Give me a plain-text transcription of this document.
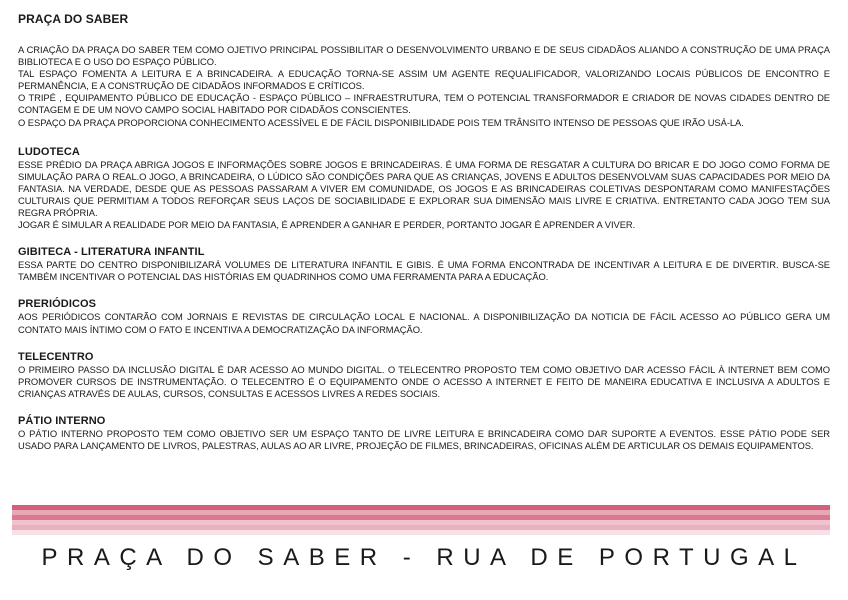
PRAÇA DO SABER

A CRIAÇÃO DA PRAÇA DO SABER TEM COMO OJETIVO PRINCIPAL POSSIBILITAR O DESENVOLVIMENTO URBANO E DE SEUS CIDADÃOS ALIANDO A CONSTRUÇÃO DE UMA PRAÇA BIBLIOTECA E O USO DO ESPAÇO PÚBLICO.

TAL ESPAÇO FOMENTA A LEITURA E A BRINCADEIRA. A EDUCAÇÃO TORNA-SE ASSIM UM AGENTE REQUALIFICADOR, VALORIZANDO LOCAIS PÚBLICOS DE ENCONTRO E PERMANÊNCIA, E A CONSTRUÇÃO DE CIDADÃOS INFORMADOS E CRÍTICOS.

O TRIPÉ , EQUIPAMENTO PÚBLICO DE EDUCAÇÃO - ESPAÇO PÚBLICO – INFRAESTRUTURA, TEM O POTENCIAL TRANSFORMADOR E CRIADOR DE NOVAS CIDADES DENTRO DE CONTAGEM E DE UM NOVO CAMPO SOCIAL HABITADO POR CIDADÃOS CONSCIENTES.

O ESPAÇO DA PRAÇA PROPORCIONA CONHECIMENTO ACESSÍVEL E DE FÁCIL DISPONIBILIDADE POIS TEM TRÂNSITO INTENSO DE PESSOAS QUE IRÃO USÁ-LA.

LUDOTECA

ESSE PRÉDIO DA PRAÇA ABRIGA JOGOS E INFORMAÇÕES SOBRE JOGOS E BRINCADEIRAS. É UMA FORMA DE RESGATAR A CULTURA DO BRICAR E DO JOGO COMO FORMA DE SIMULAÇÃO PARA O REAL.O JOGO, A BRINCADEIRA, O LÚDICO SÃO CONDIÇÕES PARA QUE AS CRIANÇAS, JOVENS E ADULTOS DESENVOLVAM SUAS CAPACIDADES POR MEIO DA FANTASIA. NA VERDADE, DESDE QUE AS PESSOAS PASSARAM A VIVER EM COMUNIDADE, OS JOGOS E AS BRINCADEIRAS COLETIVAS DESPONTARAM COMO MANIFESTAÇÕES CULTURAIS QUE PERMITIAM A TODOS REFORÇAR SEUS LAÇOS DE SOCIABILIDADE E EXPLORAR SUA DIMENSÃO MAIS LIVRE E CRIATIVA. ENTRETANTO CADA JOGO TEM SUA REGRA PRÓPRIA.

JOGAR É SIMULAR A REALIDADE POR MEIO DA FANTASIA, É APRENDER A GANHAR E PERDER, PORTANTO JOGAR É APRENDER A VIVER.

GIBITECA - LITERATURA INFANTIL

ESSA PARTE DO CENTRO DISPONIBILIZARÁ VOLUMES DE LITERATURA INFANTIL E GIBIS. É UMA FORMA ENCONTRADA DE INCENTIVAR A LEITURA E DE DIVERTIR. BUSCA-SE TAMBÉM INCENTIVAR O POTENCIAL DAS HISTÓRIAS EM QUADRINHOS COMO UMA FERRAMENTA PARA A EDUCAÇÃO.

PRERIÓDICOS

AOS PERIÓDICOS CONTARÃO COM JORNAIS E REVISTAS DE CIRCULAÇÃO LOCAL E NACIONAL. A DISPONIBILIZAÇÃO DA NOTICIA DE FÁCIL ACESSO AO PÚBLICO GERA UM CONTATO MAIS ÍNTIMO COM O FATO E INCENTIVA A DEMOCRATIZAÇÃO DA INFORMAÇÃO.

TELECENTRO

O PRIMEIRO PASSO DA INCLUSÃO DIGITAL É DAR ACESSO AO MUNDO DIGITAL. O TELECENTRO PROPOSTO TEM COMO OBJETIVO DAR ACESSO FÁCIL À INTERNET BEM COMO PROMOVER CURSOS DE INSTRUMENTAÇÃO. O TELECENTRO É O EQUIPAMENTO ONDE O ACESSO A INTERNET E FEITO DE MANEIRA EDUCATIVA E INCLUSIVA A ADULTOS E CRIANÇAS ATRAVÉS DE AULAS, CURSOS, CONSULTAS E ACESSOS LIVRES A REDES SOCIAIS.

PÁTIO INTERNO

O PÁTIO INTERNO PROPOSTO TEM COMO OBJETIVO SER UM ESPAÇO TANTO DE LIVRE LEITURA E BRINCADEIRA COMO DAR SUPORTE A EVENTOS. ESSE PÁTIO PODE SER USADO PARA LANÇAMENTO DE LIVROS, PALESTRAS, AULAS AO AR LIVRE, PROJEÇÃO DE FILMES, BRINCADEIRAS, OFICINAS ALÉM DE ARTICULAR OS DEMAIS EQUIPAMENTOS.

PRAÇA DO SABER - RUA DE PORTUGAL
